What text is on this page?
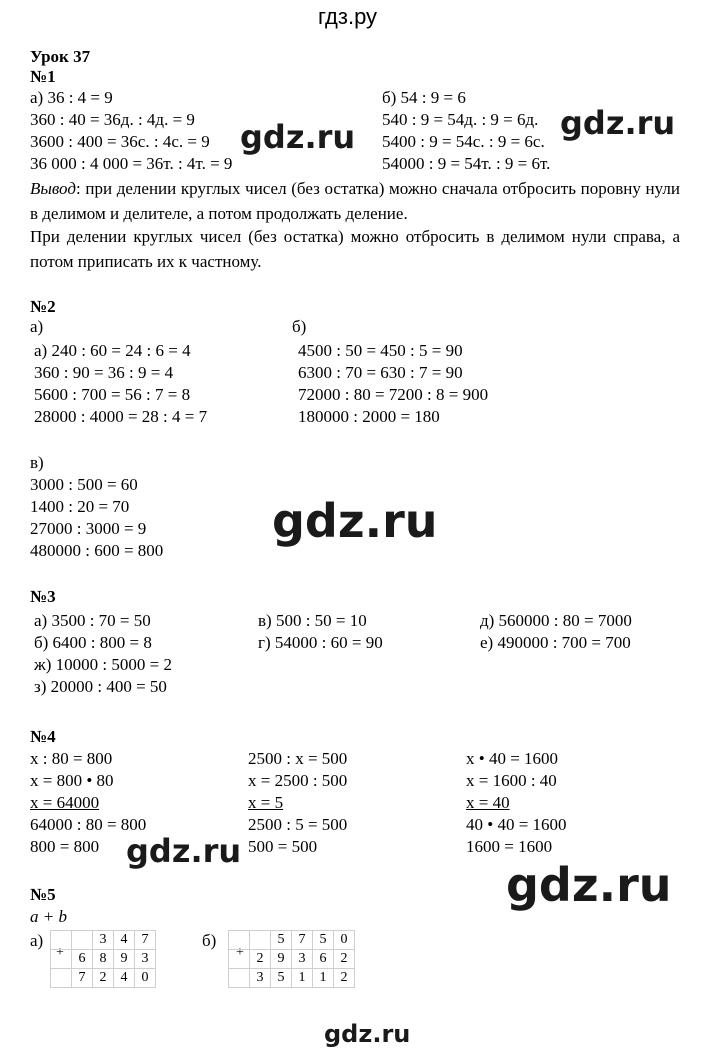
гдз.ру
Урок 37
№1
а) 36 : 4 = 9
360 : 40 = 36д. : 4д. = 9
3600 : 400 = 36с. : 4с. = 9
36 000 : 4 000 = 36т. : 4т. = 9
б) 54 : 9 = 6
540 : 9 = 54д. : 9 = 6д.
5400 : 9 = 54с. : 9 = 6с.
54000 : 9 = 54т. : 9 = 6т.
Вывод: при делении круглых чисел (без остатка) можно сначала отбросить поровну нули в делимом и делителе, а потом продолжать деление.
При делении круглых чисел (без остатка) можно отбросить в делимом нули справа, а потом приписать их к частному.
gdz.ru	gdz.ru
gdz.ru
gdz.ru
gdz.ru
gdz.ru
№2
а)
а) 240 : 60 = 24 : 6 = 4
360 : 90 = 36 : 9 = 4
5600 : 700 = 56 : 7 = 8
28000 : 4000 = 28 : 4 = 7
б)
4500 : 50 = 450 : 5 = 90
6300 : 70 = 630 : 7 = 90
72000 : 80 = 7200 : 8 = 900
180000 : 2000 = 180
в)
3000 : 500 = 60
1400 : 20 = 70
27000 : 3000 = 9
480000 : 600 = 800
№3
а) 3500 : 70 = 50
б) 6400 : 800 = 8
ж) 10000 : 5000 = 2
з) 20000 : 400 = 50
в) 500 : 50 = 10
г) 54000 : 60 = 90
д) 560000 : 80 = 7000
е) 490000 : 700 = 700
№4
х : 80 = 800
х = 800 • 80
х = 64000
64000 : 80 = 800
800 = 800
2500 : х = 500
х = 2500 : 500
х = 5
2500 : 5 = 500
500 = 500
х • 40 = 1600
х = 1600 : 40
х = 40
40 • 40 = 1600
1600 = 1600
№5
a + b
а)	б)
+
		3	4	7
	6	8	9	3
	7	2	4	0
+
		5	7	5	0
	2	9	3	6	2
	3	5	1	1	2
